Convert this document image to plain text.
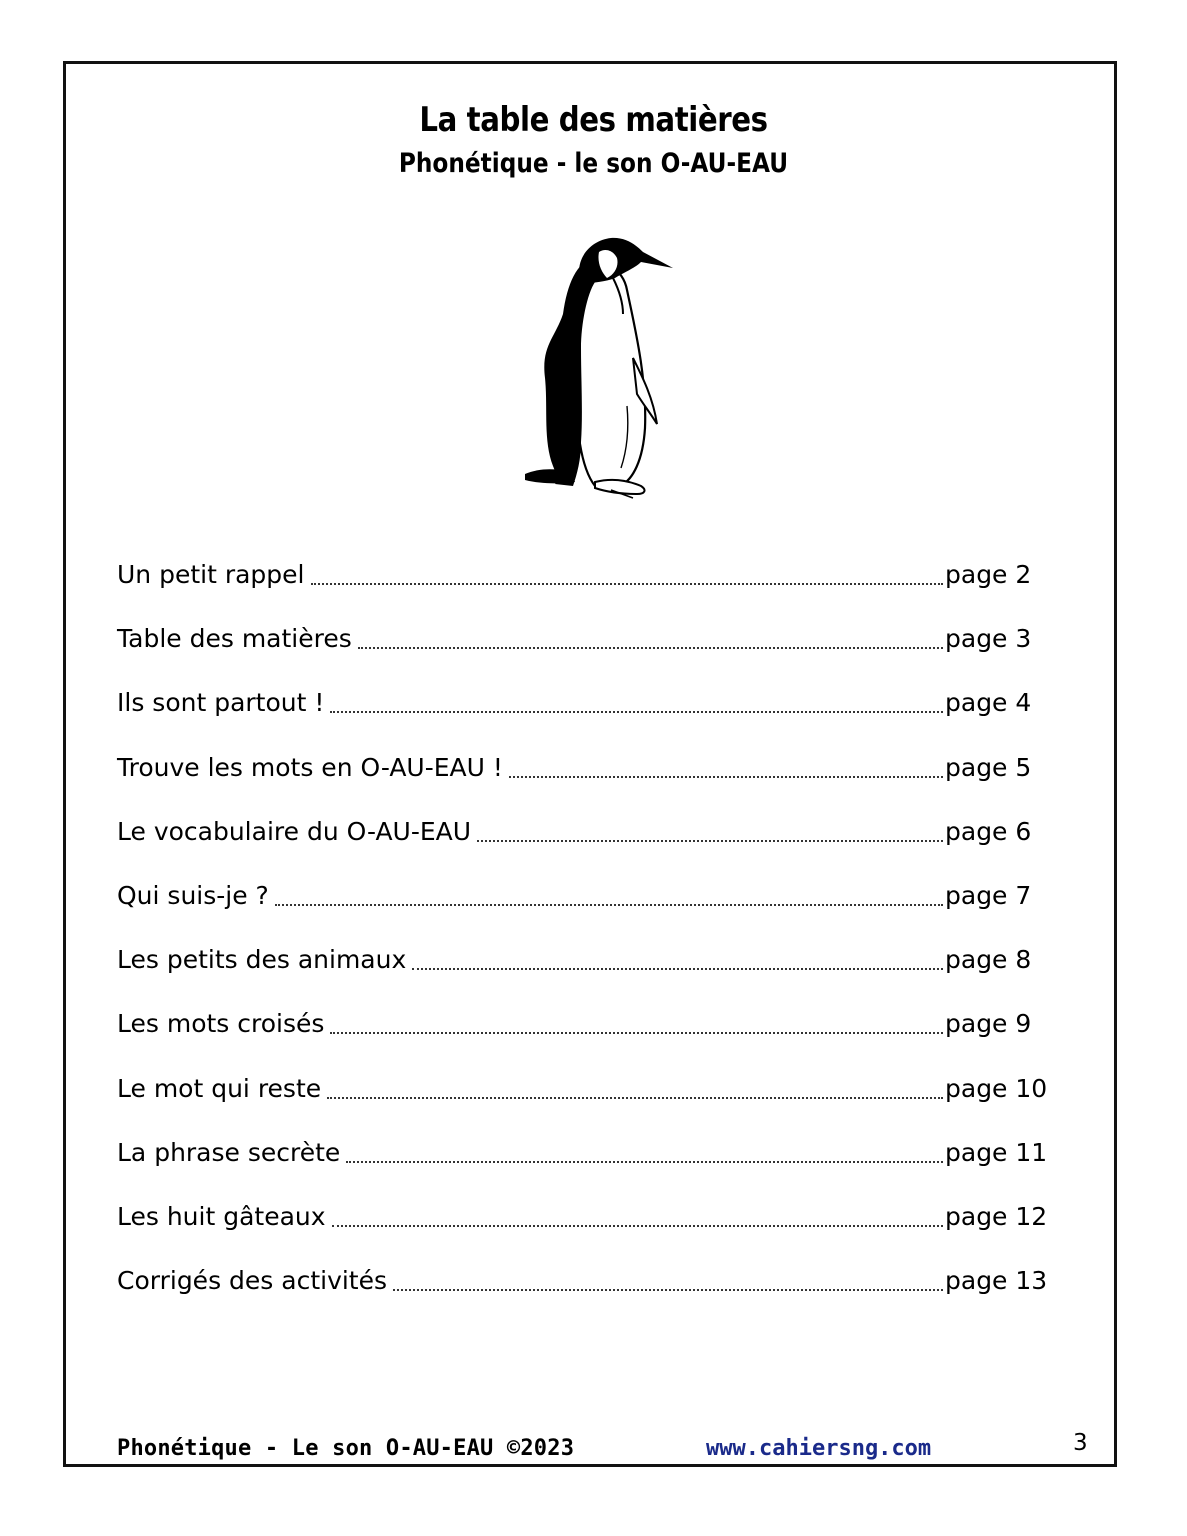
La table des matières
Phonétique - le son O-AU-EAU
Un petit rappel	page 2
Table des matières	page 3
Ils sont partout !	page 4
Trouve les mots en O-AU-EAU !	page 5
Le vocabulaire du O-AU-EAU	page 6
Qui suis-je ?	page 7
Les petits des animaux	page 8
Les mots croisés	page 9
Le mot qui reste	page 10
La phrase secrète	page 11
Les huit gâteaux	page 12
Corrigés des activités	page 13
Phonétique - Le son O-AU-EAU ©2023	www.cahiersng.com	3
